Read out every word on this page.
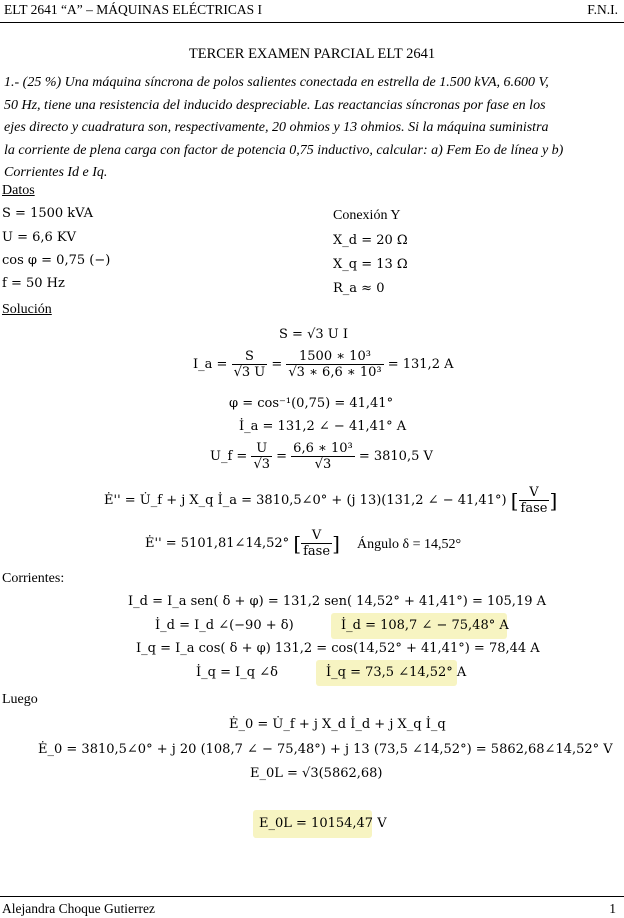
ELT 2641 “A” – MÁQUINAS ELÉCTRICAS I	F.N.I.
TERCER EXAMEN PARCIAL ELT 2641
1.- (25 %) Una máquina síncrona de polos salientes conectada en estrella de 1.500 kVA, 6.600 V,
50 Hz, tiene una resistencia del inducido despreciable. Las reactancias síncronas por fase en los
ejes directo y cuadratura son, respectivamente, 20 ohmios y 13 ohmios. Si la máquina suministra
la corriente de plena carga con factor de potencia 0,75 inductivo, calcular: a) Fem Eo de línea y b)
Corrientes Id e Iq.
Datos
S = 1500 kVA
U = 6,6 KV
cos φ = 0,75 (−)
f = 50 Hz
Conexión Y
X_d = 20 Ω
X_q = 13 Ω
R_a ≈ 0
Solución
S = √3 U I
I_a = $\frac{S}{√3 U} = \frac{\text{1500 ∗ 10³}}{\text{√3 ∗ 6,6 ∗ 10³}} = 131,2$ A
φ = cos⁻¹(0,75) = 41,41°
İ_a = 131,2 ∠ − 41,41° A
U_f = $\frac{U}{√3} = \frac{\text{6,6 ∗ 10³}}{√3} = 3810,5$ V
Ė'' = U̇_f + j X_q İ_a = 3810,5∠0° + (j 13)(131,2 ∠ − 41,41°) [ $\frac{V}{\text{fase}}$ ]
Ė'' = 5101,81∠14,52° [ $\frac{V}{\text{fase}}$ ] Ángulo δ = 14,52°
Corrientes:
I_d = I_a sen( δ + φ) = 131,2 sen( 14,52° + 41,41°) = 105,19 A
İ_d = I_d ∠(−90 + δ)	İ_d = 108,7 ∠ − 75,48° A
I_q = I_a cos( δ + φ) 131,2 = cos(14,52° + 41,41°) = 78,44 A
İ_q = I_q ∠δ	İ_q = 73,5 ∠14,52° A
Luego
Ė_0 = U̇_f + j X_d İ_d + j X_q İ_q
Ė_0 = 3810,5∠0° + j 20 (108,7 ∠ − 75,48°) + j 13 (73,5 ∠14,52°) = 5862,68∠14,52° V
E_0L = √3(5862,68)
E_0L = 10154,47 V
Alejandra Choque Gutierrez	1
